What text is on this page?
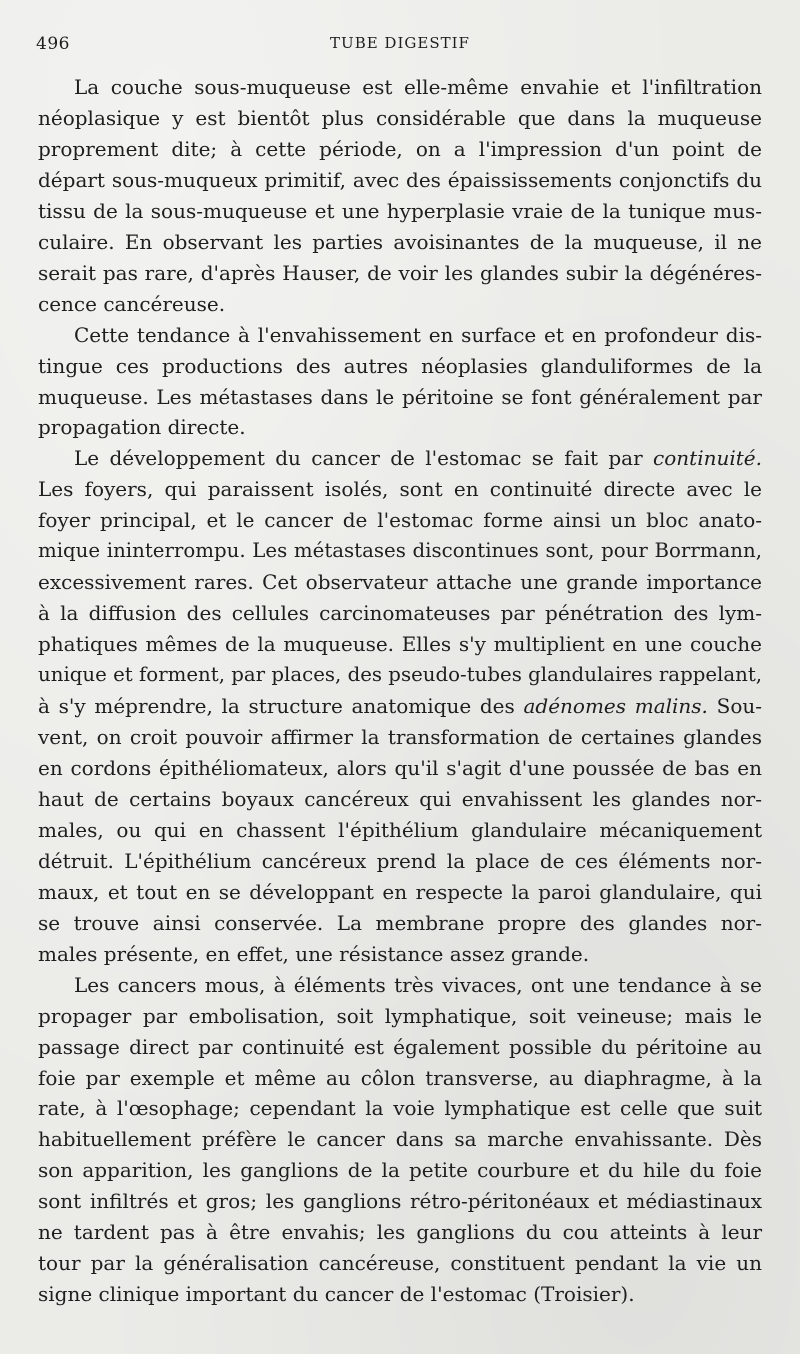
496	TUBE DIGESTIF

La couche sous-muqueuse est elle-même envahie et l'infiltration
néoplasique y est bientôt plus considérable que dans la muqueuse
proprement dite; à cette période, on a l'impression d'un point de
départ sous-muqueux primitif, avec des épaississements conjonctifs du
tissu de la sous-muqueuse et une hyperplasie vraie de la tunique mus-
culaire. En observant les parties avoisinantes de la muqueuse, il ne
serait pas rare, d'après Hauser, de voir les glandes subir la dégénéres-
cence cancéreuse.

Cette tendance à l'envahissement en surface et en profondeur dis-
tingue ces productions des autres néoplasies glanduliformes de la
muqueuse. Les métastases dans le péritoine se font généralement par
propagation directe.

Le développement du cancer de l'estomac se fait par continuité.
Les foyers, qui paraissent isolés, sont en continuité directe avec le
foyer principal, et le cancer de l'estomac forme ainsi un bloc anato-
mique ininterrompu. Les métastases discontinues sont, pour Borrmann,
excessivement rares. Cet observateur attache une grande importance
à la diffusion des cellules carcinomateuses par pénétration des lym-
phatiques mêmes de la muqueuse. Elles s'y multiplient en une couche
unique et forment, par places, des pseudo-tubes glandulaires rappelant,
à s'y méprendre, la structure anatomique des adénomes malins. Sou-
vent, on croit pouvoir affirmer la transformation de certaines glandes
en cordons épithéliomateux, alors qu'il s'agit d'une poussée de bas en
haut de certains boyaux cancéreux qui envahissent les glandes nor-
males, ou qui en chassent l'épithélium glandulaire mécaniquement
détruit. L'épithélium cancéreux prend la place de ces éléments nor-
maux, et tout en se développant en respecte la paroi glandulaire, qui
se trouve ainsi conservée. La membrane propre des glandes nor-
males présente, en effet, une résistance assez grande.

Les cancers mous, à éléments très vivaces, ont une tendance à se
propager par embolisation, soit lymphatique, soit veineuse; mais le
passage direct par continuité est également possible du péritoine au
foie par exemple et même au côlon transverse, au diaphragme, à la
rate, à l'œsophage; cependant la voie lymphatique est celle que suit
habituellement préfère le cancer dans sa marche envahissante. Dès
son apparition, les ganglions de la petite courbure et du hile du foie
sont infiltrés et gros; les ganglions rétro-péritonéaux et médiastinaux
ne tardent pas à être envahis; les ganglions du cou atteints à leur
tour par la généralisation cancéreuse, constituent pendant la vie un
signe clinique important du cancer de l'estomac (Troisier).
